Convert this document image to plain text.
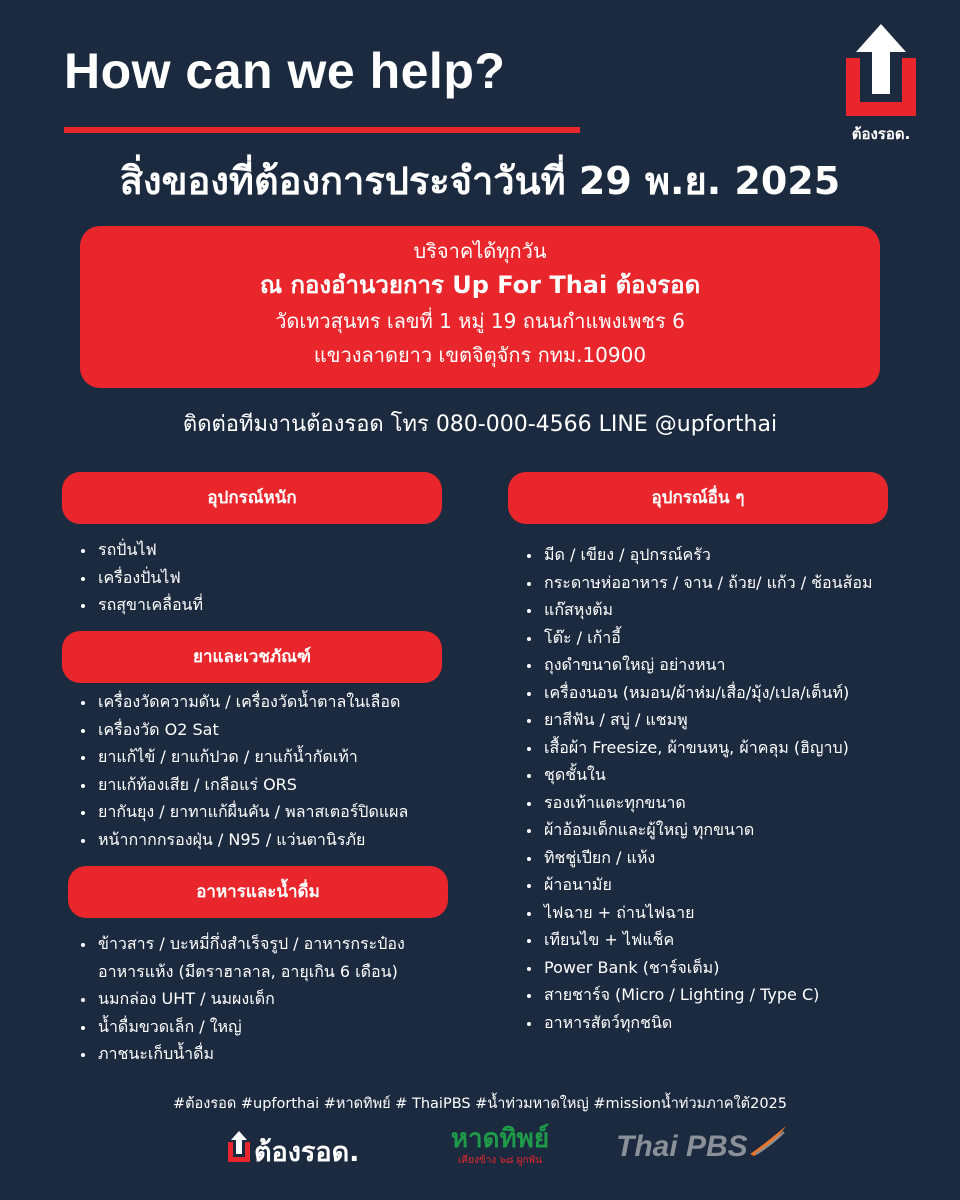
How can we help?
ต้องรอด.
สิ่งของที่ต้องการประจำวันที่ 29 พ.ย. 2025
บริจาคได้ทุกวัน
ณ กองอำนวยการ Up For Thai ต้องรอด
วัดเทวสุนทร เลขที่ 1 หมู่ 19 ถนนกำแพงเพชร 6
แขวงลาดยาว เขตจิตุจักร กทม.10900
ติดต่อทีมงานต้องรอด โทร 080-000-4566 LINE @upforthai
อุปกรณ์หนัก
• รถปั่นไฟ
• เครื่องปั่นไฟ
• รถสุขาเคลื่อนที่
ยาและเวชภัณฑ์
• เครื่องวัดความดัน / เครื่องวัดน้ำตาลในเลือด
• เครื่องวัด O2 Sat
• ยาแก้ไข้ / ยาแก้ปวด / ยาแก้น้ำกัดเท้า
• ยาแก้ท้องเสีย / เกลือแร่ ORS
• ยากันยุง / ยาทาแก้ผื่นคัน / พลาสเตอร์ปิดแผล
• หน้ากากกรองฝุ่น / N95 / แว่นตานิรภัย
อาหารและน้ำดื่ม
• ข้าวสาร / บะหมี่กึ่งสำเร็จรูป / อาหารกระป๋อง
อาหารแห้ง (มีตราฮาลาล, อายุเกิน 6 เดือน)
• นมกล่อง UHT / นมผงเด็ก
• น้ำดื่มขวดเล็ก / ใหญ่
• ภาชนะเก็บน้ำดื่ม
อุปกรณ์อื่น ๆ
• มีด / เขียง / อุปกรณ์ครัว
• กระดาษห่ออาหาร / จาน / ถ้วย/ แก้ว / ช้อนส้อม
• แก๊สหุงต้ม
• โต๊ะ / เก้าอี้
• ถุงดำขนาดใหญ่ อย่างหนา
• เครื่องนอน (หมอน/ผ้าห่ม/เสื่อ/มุ้ง/เปล/เต็นท์)
• ยาสีฟัน / สบู่ / แชมพู
• เสื้อผ้า Freesize, ผ้าขนหนู, ผ้าคลุม (ฮิญาบ)
• ชุดชั้นใน
• รองเท้าแตะทุกขนาด
• ผ้าอ้อมเด็กและผู้ใหญ่ ทุกขนาด
• ทิชชู่เปียก / แห้ง
• ผ้าอนามัย
• ไฟฉาย + ถ่านไฟฉาย
• เทียนไข + ไฟแช็ค
• Power Bank (ชาร์จเต็ม)
• สายชาร์จ (Micro / Lighting / Type C)
• อาหารสัตว์ทุกชนิด
#ต้องรอด #upforthai #หาดทิพย์ # ThaiPBS #น้ำท่วมหาดใหญ่ #missionน้ำท่วมภาคใต้2025
ต้องรอด.	หาดทิพย์
เคียงข้าง ๖๘ ผูกพัน	Thai PBS
